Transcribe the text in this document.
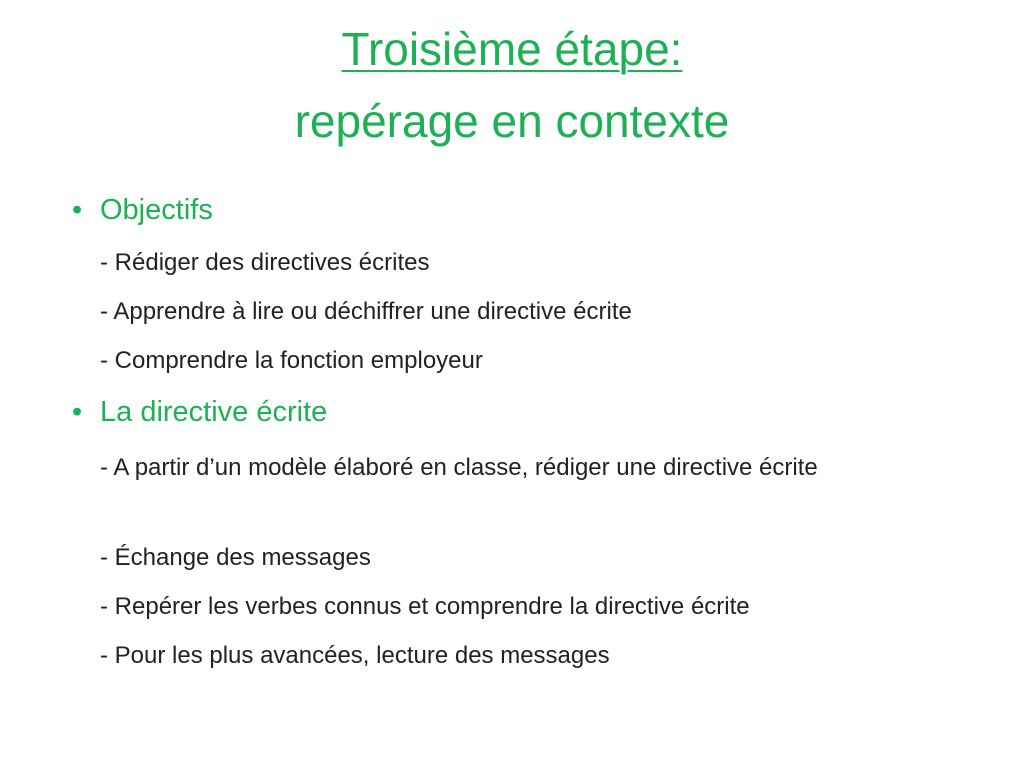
Troisième étape:
repérage en contexte
• Objectifs
- Rédiger des directives écrites
- Apprendre à lire ou déchiffrer une directive écrite
- Comprendre la fonction employeur
• La directive écrite
- A partir d’un modèle élaboré en classe, rédiger une directive écrite
- Échange des messages
- Repérer les verbes connus et comprendre la directive écrite
- Pour les plus avancées, lecture des messages
